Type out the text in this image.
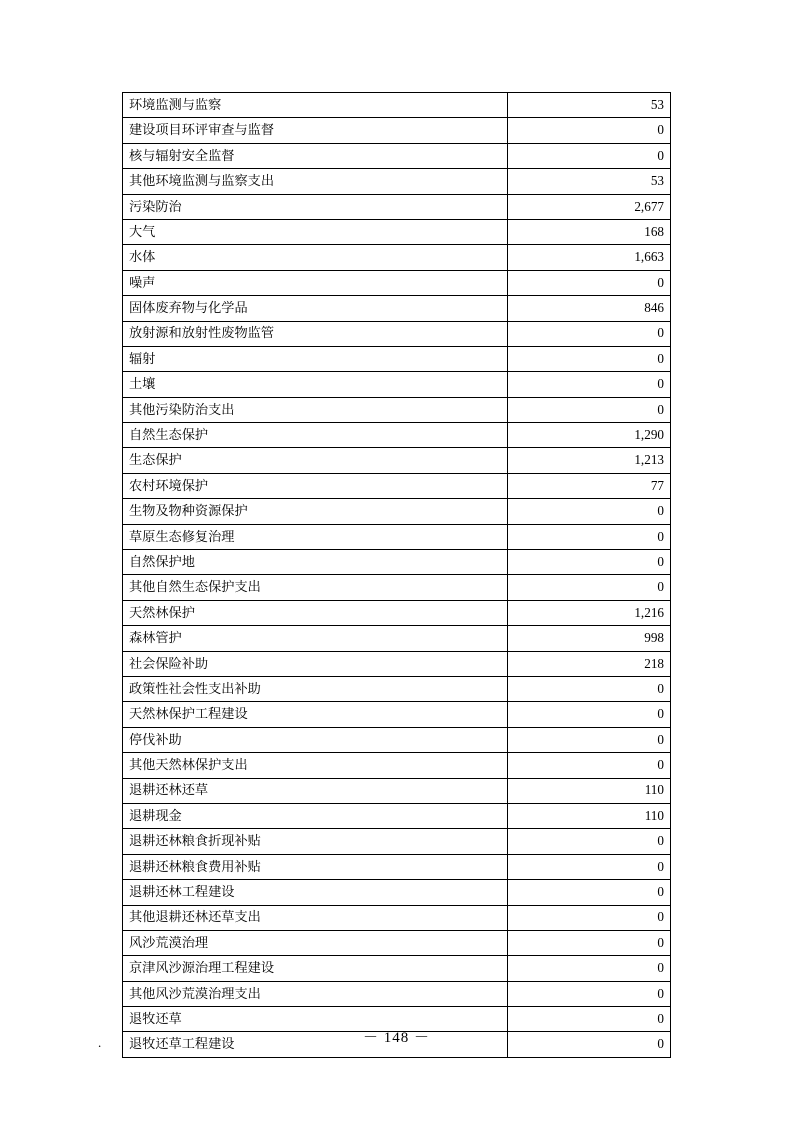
环境监测与监察	53
建设项目环评审查与监督	0
核与辐射安全监督	0
其他环境监测与监察支出	53
污染防治	2,677
大气	168
水体	1,663
噪声	0
固体废弃物与化学品	846
放射源和放射性废物监管	0
辐射	0
土壤	0
其他污染防治支出	0
自然生态保护	1,290
生态保护	1,213
农村环境保护	77
生物及物种资源保护	0
草原生态修复治理	0
自然保护地	0
其他自然生态保护支出	0
天然林保护	1,216
森林管护	998
社会保险补助	218
政策性社会性支出补助	0
天然林保护工程建设	0
停伐补助	0
其他天然林保护支出	0
退耕还林还草	110
退耕现金	110
退耕还林粮食折现补贴	0
退耕还林粮食费用补贴	0
退耕还林工程建设	0
其他退耕还林还草支出	0
风沙荒漠治理	0
京津风沙源治理工程建设	0
其他风沙荒漠治理支出	0
退牧还草	0
退牧还草工程建设	0
.	－ 148 －
